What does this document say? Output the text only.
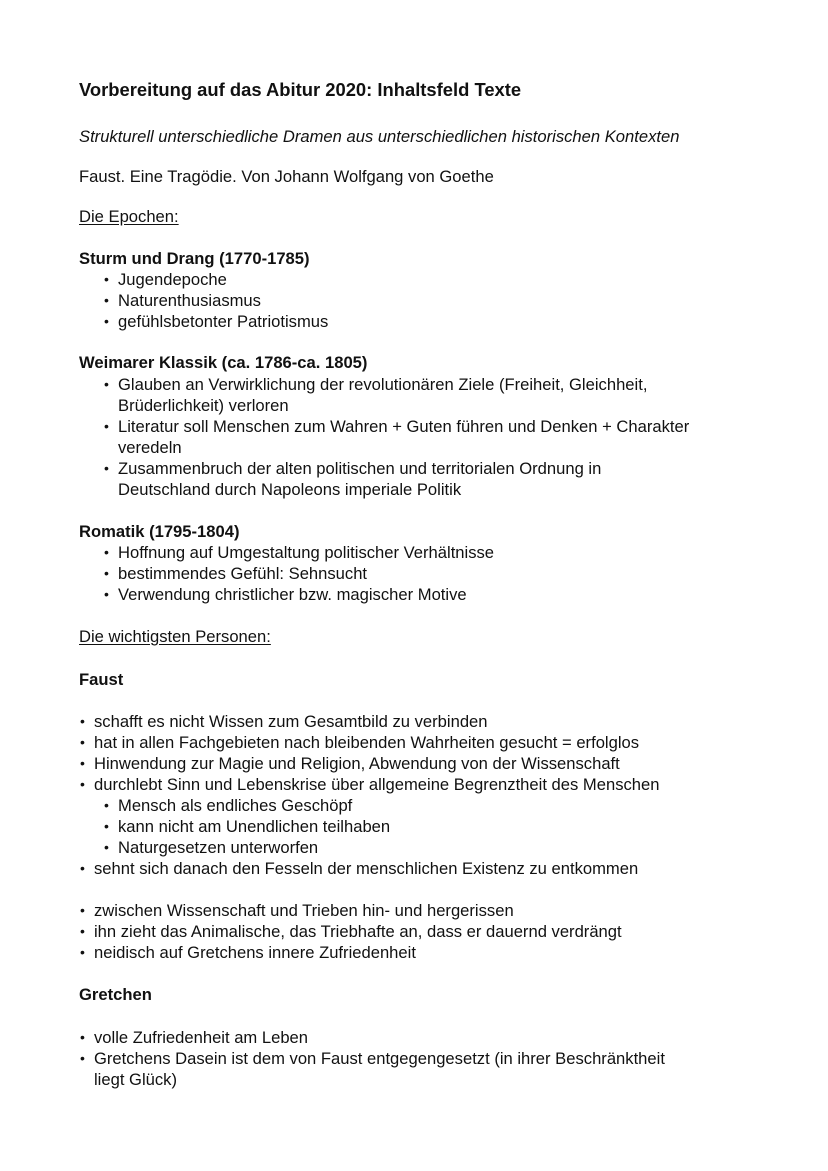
Vorbereitung auf das Abitur 2020: Inhaltsfeld Texte
Strukturell unterschiedliche Dramen aus unterschiedlichen historischen Kontexten
Faust. Eine Tragödie. Von Johann Wolfgang von Goethe
Die Epochen:
Sturm und Drang (1770-1785)
• Jugendepoche
• Naturenthusiasmus
• gefühlsbetonter Patriotismus
Weimarer Klassik (ca. 1786-ca. 1805)
• Glauben an Verwirklichung der revolutionären Ziele (Freiheit, Gleichheit,
Brüderlichkeit) verloren
• Literatur soll Menschen zum Wahren + Guten führen und Denken + Charakter
veredeln
• Zusammenbruch der alten politischen und territorialen Ordnung in
Deutschland durch Napoleons imperiale Politik
Romatik (1795-1804)
• Hoffnung auf Umgestaltung politischer Verhältnisse
• bestimmendes Gefühl: Sehnsucht
• Verwendung christlicher bzw. magischer Motive
Die wichtigsten Personen:
Faust
• schafft es nicht Wissen zum Gesamtbild zu verbinden
• hat in allen Fachgebieten nach bleibenden Wahrheiten gesucht = erfolglos
• Hinwendung zur Magie und Religion, Abwendung von der Wissenschaft
• durchlebt Sinn und Lebenskrise über allgemeine Begrenztheit des Menschen
• Mensch als endliches Geschöpf
• kann nicht am Unendlichen teilhaben
• Naturgesetzen unterworfen
• sehnt sich danach den Fesseln der menschlichen Existenz zu entkommen
• zwischen Wissenschaft und Trieben hin- und hergerissen
• ihn zieht das Animalische, das Triebhafte an, dass er dauernd verdrängt
• neidisch auf Gretchens innere Zufriedenheit
Gretchen
• volle Zufriedenheit am Leben
• Gretchens Dasein ist dem von Faust entgegengesetzt (in ihrer Beschränktheit
liegt Glück)
